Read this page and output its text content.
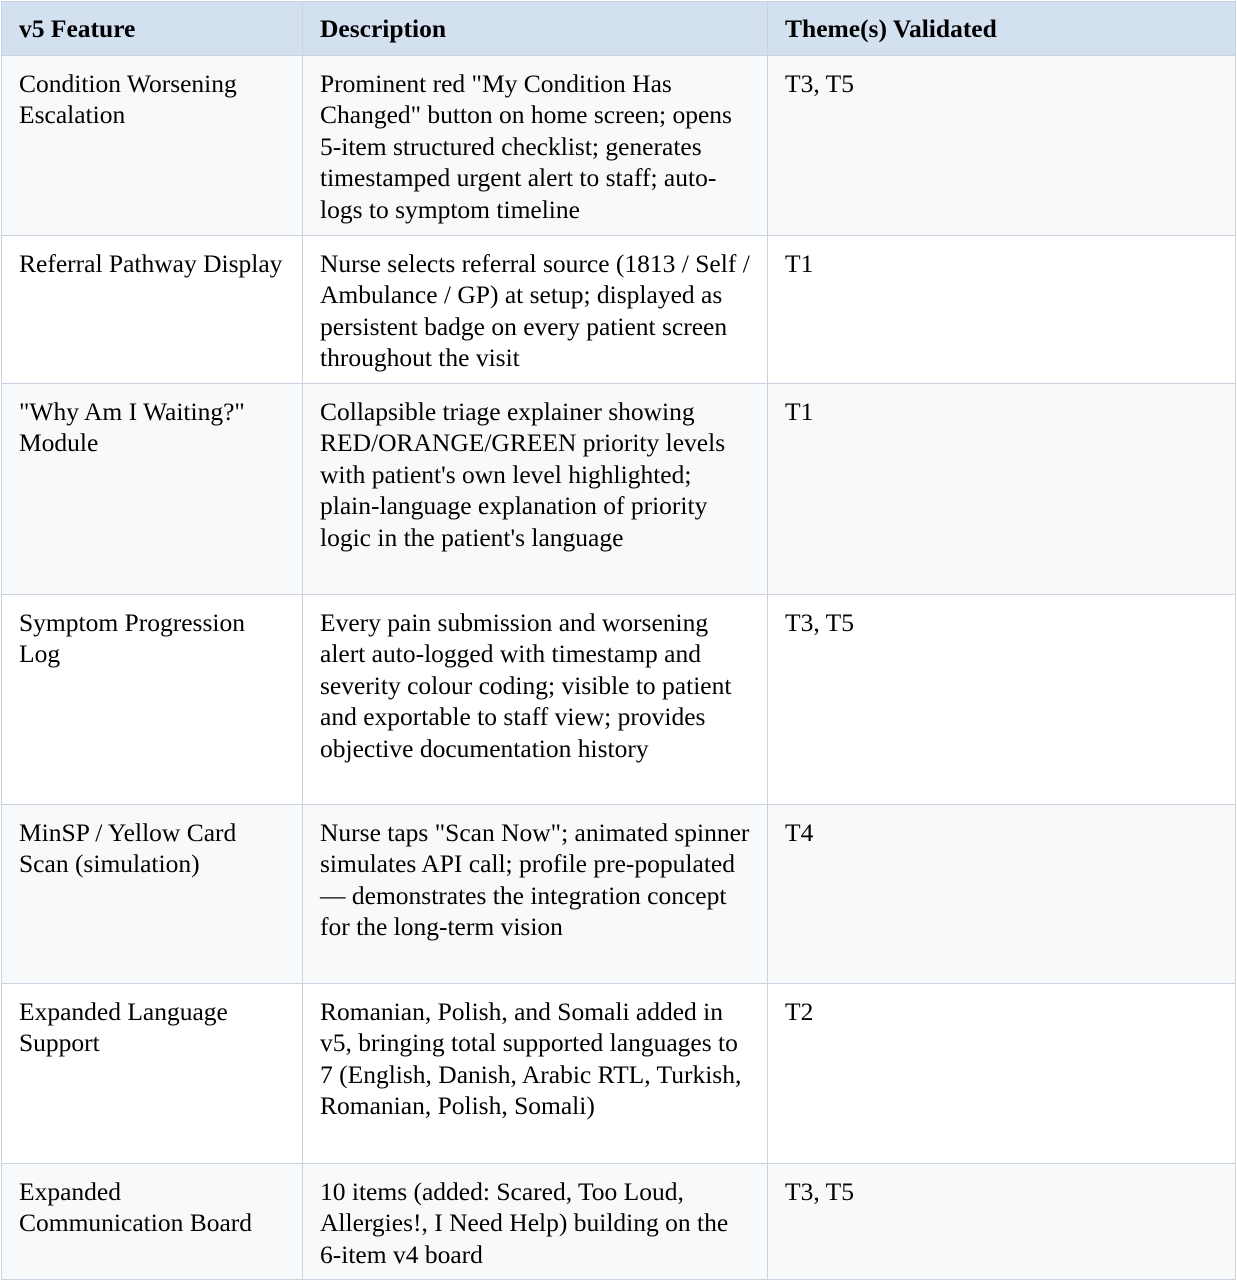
v5 Feature	Description	Theme(s) Validated
Condition Worsening Escalation	Prominent red "My Condition Has Changed" button on home screen; opens 5-item structured checklist; generates timestamped urgent alert to staff; auto-logs to symptom timeline	T3, T5
Referral Pathway Display	Nurse selects referral source (1813 / Self / Ambulance / GP) at setup; displayed as persistent badge on every patient screen throughout the visit	T1
"Why Am I Waiting?" Module	Collapsible triage explainer showing RED/ORANGE/GREEN priority levels with patient's own level highlighted; plain-language explanation of priority logic in the patient's language	T1
Symptom Progression Log	Every pain submission and worsening alert auto-logged with timestamp and severity colour coding; visible to patient and exportable to staff view; provides objective documentation history	T3, T5
MinSP / Yellow Card Scan (simulation)	Nurse taps "Scan Now"; animated spinner simulates API call; profile pre-populated — demonstrates the integration concept for the long-term vision	T4
Expanded Language Support	Romanian, Polish, and Somali added in v5, bringing total supported languages to 7 (English, Danish, Arabic RTL, Turkish, Romanian, Polish, Somali)	T2
Expanded Communication Board	10 items (added: Scared, Too Loud, Allergies!, I Need Help) building on the 6-item v4 board	T3, T5
